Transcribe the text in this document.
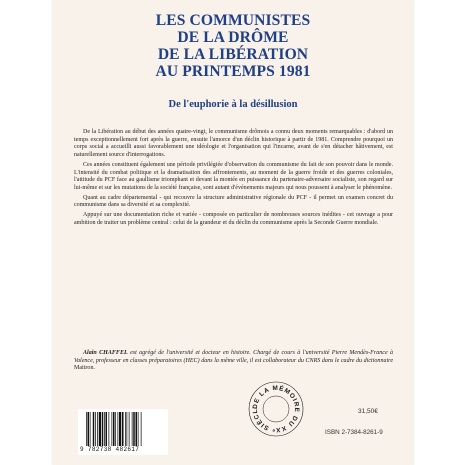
LES COMMUNISTES
DE LA DRÔME
DE LA LIBÉRATION
AU PRINTEMPS 1981
De l'euphorie à la désillusion

De la Libération au début des années quatre-vingt, le communisme drômois a connu deux moments remarquables : d'abord un temps exceptionnellement fort après la guerre, ensuite l'amorce d'un déclin historique à partir de 1981. Comprendre pourquoi un corps social a accueilli aussi favorablement une idéologie et l'organisation qui l'incarne, avant de s'en détacher hâtivement, est naturellement source d'interrogations.

Ces années constituent également une période privilégiée d'observation du communisme du fait de son pouvoir dans le monde. L'intensité du combat politique et la dramatisation des affrontements, au moment de la guerre froide et des guerres coloniales, l'attitude du PCF face au gaullisme triomphant et devant la montée en puissance du partenaire-adversaire socialiste, son regard sur lui-même et sur les mutations de la société française, sont autant d'événements majeurs qui nous poussent à analyser le phénomène.

Quant au cadre départemental - qui recouvre la structure administrative régionale du PCF - il permet un examen concret du communisme dans sa diversité et sa complexité.

Appuyé sur une documentation riche et variée - composée en particulier de nombreuses sources inédites - cet ouvrage a pour ambition de traiter un problème central : celui de la grandeur et du déclin du communisme après la Seconde Guerre mondiale.

Alain CHAFFEL est agrégé de l'université et docteur en histoire. Chargé de cours à l'université Pierre Mendès-France à Valence, professeur en classes préparatoires (HEC) dans la même ville, il est collaborateur du CNRS dans le cadre du dictionnaire Maitron.
DE LA MÉMOIRE DU XXᵉ SIÈCL	31,50€
ISBN 2-7384-8261-9
9 782738 482617
